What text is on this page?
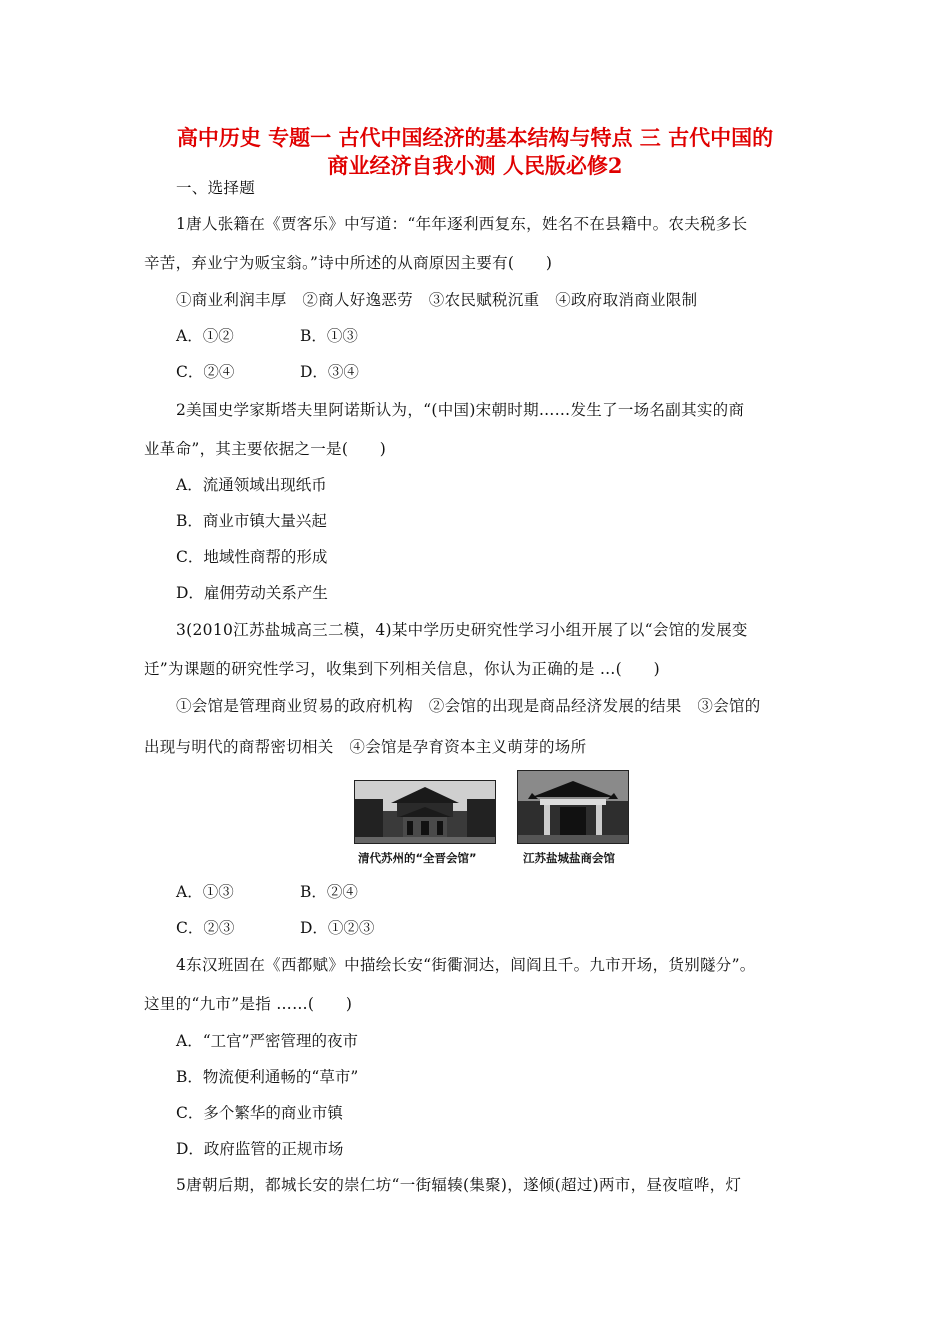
高中历史 专题一 古代中国经济的基本结构与特点 三 古代中国的
商业经济自我小测 人民版必修2
一、选择题
1唐人张籍在《贾客乐》中写道：“年年逐利西复东，姓名不在县籍中。农夫税多长
辛苦，弃业宁为贩宝翁。”诗中所述的从商原因主要有(　　)
①商业利润丰厚　②商人好逸恶劳　③农民赋税沉重　④政府取消商业限制
A．①②	B．①③
C．②④	D．③④
2美国史学家斯塔夫里阿诺斯认为，“(中国)宋朝时期……发生了一场名副其实的商
业革命”，其主要依据之一是(　　)
A．流通领域出现纸币
B．商业市镇大量兴起
C．地域性商帮的形成
D．雇佣劳动关系产生
3(2010江苏盐城高三二模，4)某中学历史研究性学习小组开展了以“会馆的发展变
迁”为课题的研究性学习，收集到下列相关信息，你认为正确的是 …(　　)
①会馆是管理商业贸易的政府机构　②会馆的出现是商品经济发展的结果　③会馆的
出现与明代的商帮密切相关　④会馆是孕育资本主义萌芽的场所
清代苏州的“全晋会馆”	江苏盐城盐商会馆
A．①③	B．②④
C．②③	D．①②③
4东汉班固在《西都赋》中描绘长安“街衢洞达，闾阎且千。九市开场，货别隧分”。
这里的“九市”是指 ……(　　)
A．“工官”严密管理的夜市
B．物流便利通畅的“草市”
C．多个繁华的商业市镇
D．政府监管的正规市场
5唐朝后期，都城长安的崇仁坊“一街辐辏(集聚)，遂倾(超过)两市，昼夜喧哗，灯
